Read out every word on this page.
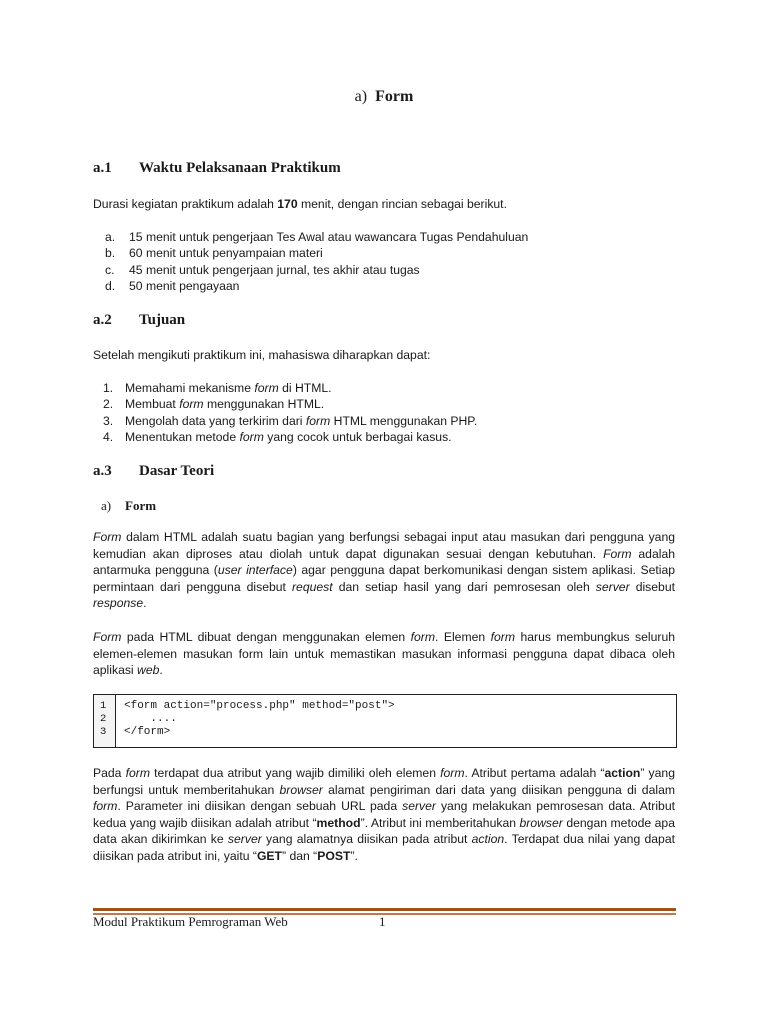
a) Form
a.1 Waktu Pelaksanaan Praktikum
Durasi kegiatan praktikum adalah 170 menit, dengan rincian sebagai berikut.
a. 15 menit untuk pengerjaan Tes Awal atau wawancara Tugas Pendahuluan
b. 60 menit untuk penyampaian materi
c. 45 menit untuk pengerjaan jurnal, tes akhir atau tugas
d. 50 menit pengayaan
a.2 Tujuan
Setelah mengikuti praktikum ini, mahasiswa diharapkan dapat:
1. Memahami mekanisme form di HTML.
2. Membuat form menggunakan HTML.
3. Mengolah data yang terkirim dari form HTML menggunakan PHP.
4. Menentukan metode form yang cocok untuk berbagai kasus.
a.3 Dasar Teori
a) Form
Form dalam HTML adalah suatu bagian yang berfungsi sebagai input atau masukan dari pengguna yang kemudian akan diproses atau diolah untuk dapat digunakan sesuai dengan kebutuhan. Form adalah antarmuka pengguna (user interface) agar pengguna dapat berkomunikasi dengan sistem aplikasi. Setiap permintaan dari pengguna disebut request dan setiap hasil yang dari pemrosesan oleh server disebut response.
Form pada HTML dibuat dengan menggunakan elemen form. Elemen form harus membungkus seluruh elemen-elemen masukan form lain untuk memastikan masukan informasi pengguna dapat dibaca oleh aplikasi web.
1
2
3
<form action="process.php" method="post">
....
</form>
Pada form terdapat dua atribut yang wajib dimiliki oleh elemen form. Atribut pertama adalah “action” yang berfungsi untuk memberitahukan browser alamat pengiriman dari data yang diisikan pengguna di dalam form. Parameter ini diisikan dengan sebuah URL pada server yang melakukan pemrosesan data. Atribut kedua yang wajib diisikan adalah atribut “method”. Atribut ini memberitahukan browser dengan metode apa data akan dikirimkan ke server yang alamatnya diisikan pada atribut action. Terdapat dua nilai yang dapat diisikan pada atribut ini, yaitu “GET” dan “POST”.
Modul Praktikum Pemrograman Web	1
